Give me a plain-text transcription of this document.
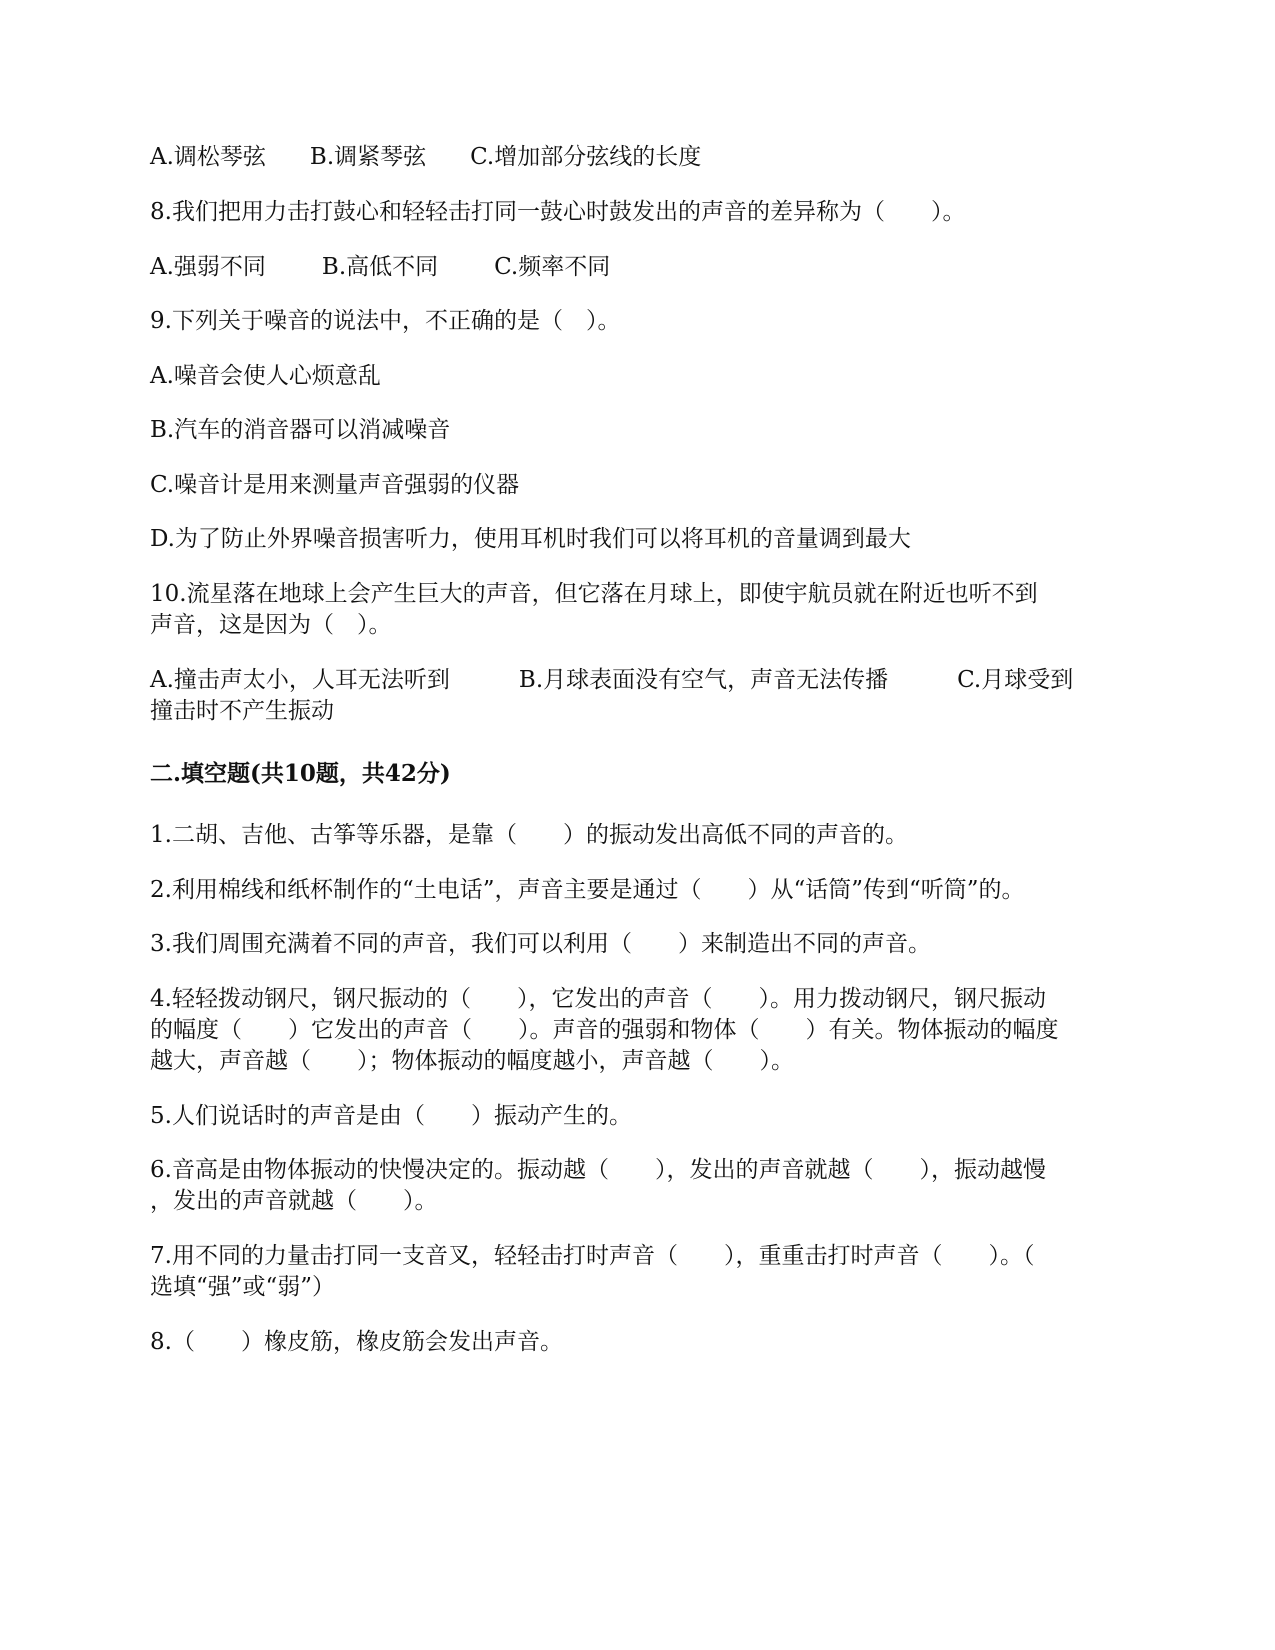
A.调松琴弦 B.调紧琴弦 C.增加部分弦线的长度
8.我们把用力击打鼓心和轻轻击打同一鼓心时鼓发出的声音的差异称为（　　）。
A.强弱不同 B.高低不同 C.频率不同
9.下列关于噪音的说法中，不正确的是（　）。
A.噪音会使人心烦意乱
B.汽车的消音器可以消减噪音
C.噪音计是用来测量声音强弱的仪器
D.为了防止外界噪音损害听力，使用耳机时我们可以将耳机的音量调到最大
10.流星落在地球上会产生巨大的声音，但它落在月球上，即使宇航员就在附近也听不到
声音，这是因为（　）。
A.撞击声太小，人耳无法听到　　　B.月球表面没有空气，声音无法传播　　　C.月球受到
撞击时不产生振动
二.填空题(共10题，共42分)
1.二胡、吉他、古筝等乐器，是靠（　　）的振动发出高低不同的声音的。
2.利用棉线和纸杯制作的“土电话”，声音主要是通过（　　）从“话筒”传到“听筒”的。
3.我们周围充满着不同的声音，我们可以利用（　　）来制造出不同的声音。
4.轻轻拨动钢尺，钢尺振动的（　　），它发出的声音（　　）。用力拨动钢尺，钢尺振动
的幅度（　　）它发出的声音（　　）。声音的强弱和物体（　　）有关。物体振动的幅度
越大，声音越（　　）；物体振动的幅度越小，声音越（　　）。
5.人们说话时的声音是由（　　）振动产生的。
6.音高是由物体振动的快慢决定的。振动越（　　），发出的声音就越（　　），振动越慢
，发出的声音就越（　　）。
7.用不同的力量击打同一支音叉，轻轻击打时声音（　　），重重击打时声音（　　）。（
选填“强”或“弱”）
8.（　　）橡皮筋，橡皮筋会发出声音。
